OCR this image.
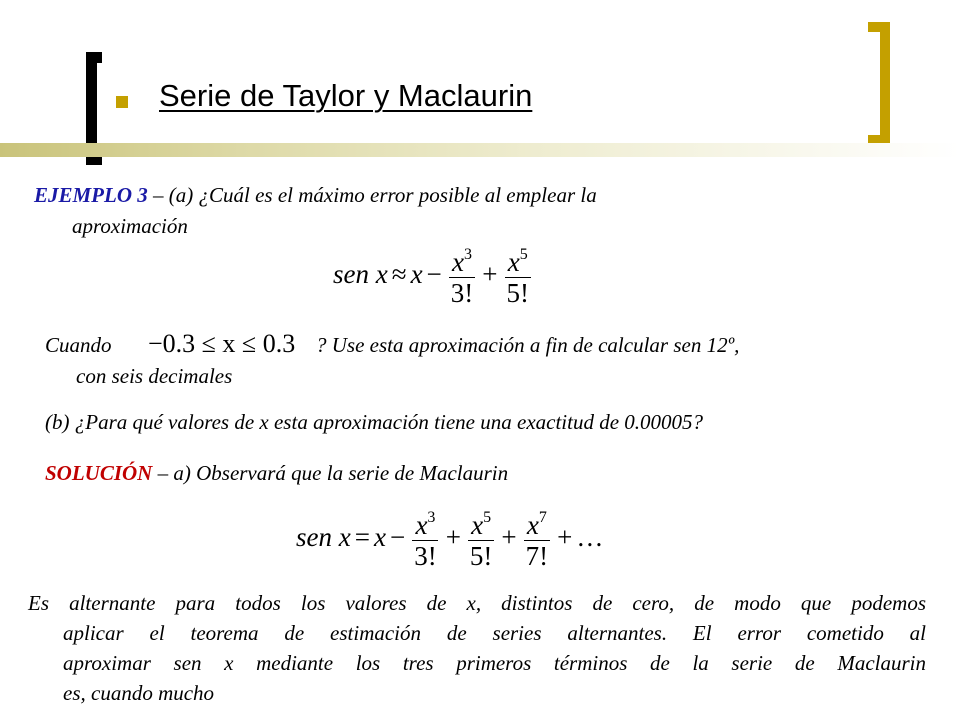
Serie de Taylor y Maclaurin
EJEMPLO 3 – (a) ¿Cuál es el máximo error posible al emplear la
aproximación
sen $x \approx x - \frac{x^3}{3!} + \frac{x^5}{5!}$
Cuando −0.3 ≤ x ≤ 0.3 ? Use esta aproximación a fin de calcular sen 12º,
con seis decimales
(b) ¿Para qué valores de x esta aproximación tiene una exactitud de 0.00005?
SOLUCIÓN – a) Observará que la serie de Maclaurin
sen $x = x - \frac{x^3}{3!} + \frac{x^5}{5!} + \frac{x^7}{7!}$ + …
Es alternante para todos los valores de x, distintos de cero, de modo que podemos
aplicar el teorema de estimación de series alternantes. El error cometido al
aproximar sen x mediante los tres primeros términos de la serie de Maclaurin
es, cuando mucho
